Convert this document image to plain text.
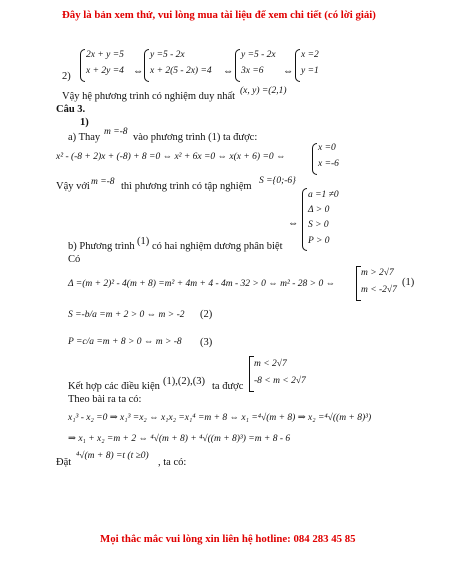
Đây là bản xem thử, vui lòng mua tài liệu để xem chi tiết (có lời giải)
2)
2x + y =5
x + 2y =4 ⇔
y =5 - 2x
x + 2(5 - 2x) =4 ⇔
y =5 - 2x
3x =6 ⇔
x =2
y =1
Vậy hệ phương trình có nghiệm duy nhất (x, y) =(2,1)
Câu 3.
1)
a) Thay m =-8 vào phương trình (1) ta được:
x² - (-8 + 2)x + (-8) + 8 =0 ⇔ x² + 6x =0 ⇔ x(x + 6) =0 ⇔
x =0
x =-6
Vậy với m =-8 thì phương trình có tập nghiệm S ={0;-6}
⇔
a =1 ≠0
Δ > 0
S > 0
P > 0
b) Phương trình (1) có hai nghiệm dương phân biệt
Có
Δ =(m + 2)² - 4(m + 8) =m² + 4m + 4 - 4m - 32 > 0 ⇔ m² - 28 > 0 ⇔
m > 2√7
m < -2√7
(1)
S =-b/a =m + 2 > 0 ⇔ m > -2 (2)
P =c/a =m + 8 > 0 ⇔ m > -8 (3)
Kết hợp các điều kiện (1),(2),(3) ta được
m < 2√7
-8 < m < 2√7
Theo bài ra ta có:
x₁³ - x₂ =0 ⇒ x₁³ =x₂ ⇔ x₁x₂ =x₁⁴ =m + 8 ⇔ x₁ =⁴√(m + 8) ⇒ x₂ =⁴√((m + 8)³)
⇒ x₁ + x₂ =m + 2 ⇔ ⁴√(m + 8) + ⁴√((m + 8)³) =m + 8 - 6
Đặt
⁴√(m + 8) =t (t ≥0)
, ta có:
Mọi thắc mắc vui lòng xin liên hệ hotline: 084 283 45 85
